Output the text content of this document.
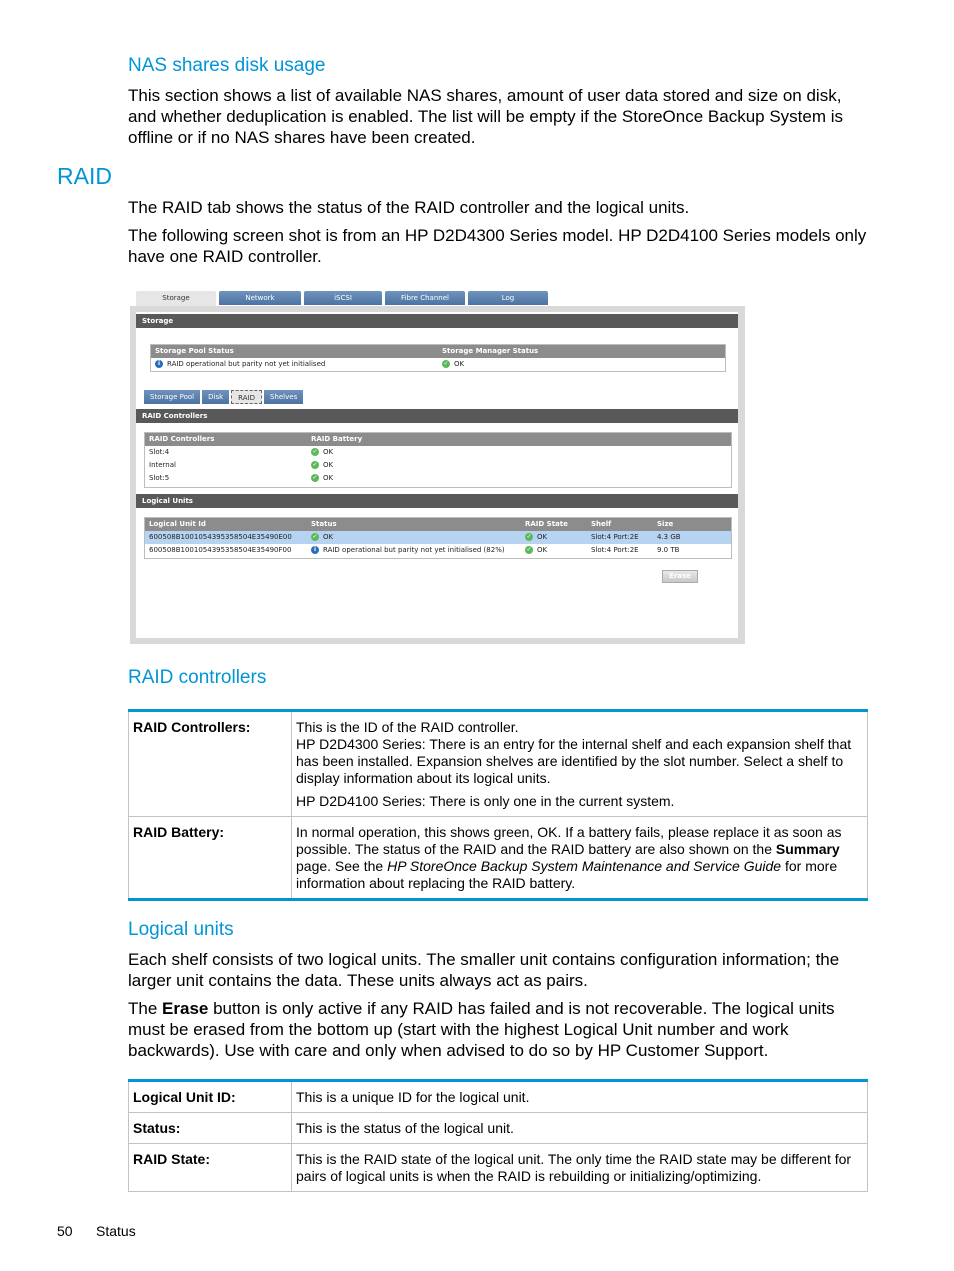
NAS shares disk usage
This section shows a list of available NAS shares, amount of user data stored and size on disk, and whether deduplication is enabled. The list will be empty if the StoreOnce Backup System is offline or if no NAS shares have been created.
RAID
The RAID tab shows the status of the RAID controller and the logical units.
The following screen shot is from an HP D2D4300 Series model. HP D2D4100 Series models only have one RAID controller.
Storage	Network	iSCSI	Fibre Channel	Log
Storage
Storage Pool Status	Storage Manager Status
i RAID operational but parity not yet initialised	✓ OK
Storage Pool	Disk	RAID	Shelves
RAID Controllers
RAID Controllers	RAID Battery
Slot:4	✓ OK
Internal	✓ OK
Slot:5	✓ OK
Logical Units
Logical Unit Id	Status	RAID State	Shelf	Size
600508B1001054395358504E35490E00	✓ OK	✓ OK	Slot:4 Port:2E	4.3 GB
600508B1001054395358504E35490F00	i RAID operational but parity not yet initialised (82%)	✓ OK	Slot:4 Port:2E	9.0 TB
Erase
RAID controllers
RAID Controllers:	This is the ID of the RAID controller.
HP D2D4300 Series: There is an entry for the internal shelf and each expansion shelf that has been installed. Expansion shelves are identified by the slot number. Select a shelf to display information about its logical units.
HP D2D4100 Series: There is only one in the current system.

RAID Battery:	In normal operation, this shows green, OK. If a battery fails, please replace it as soon as possible. The status of the RAID and the RAID battery are also shown on the Summary page. See the HP StoreOnce Backup System Maintenance and Service Guide for more information about replacing the RAID battery.
Logical units
Each shelf consists of two logical units. The smaller unit contains configuration information; the larger unit contains the data. These units always act as pairs.
The Erase button is only active if any RAID has failed and is not recoverable. The logical units must be erased from the bottom up (start with the highest Logical Unit number and work backwards). Use with care and only when advised to do so by HP Customer Support.
Logical Unit ID:	This is a unique ID for the logical unit.
Status:	This is the status of the logical unit.
RAID State:	This is the RAID state of the logical unit. The only time the RAID state may be different for pairs of logical units is when the RAID is rebuilding or initializing/optimizing.
50 Status
